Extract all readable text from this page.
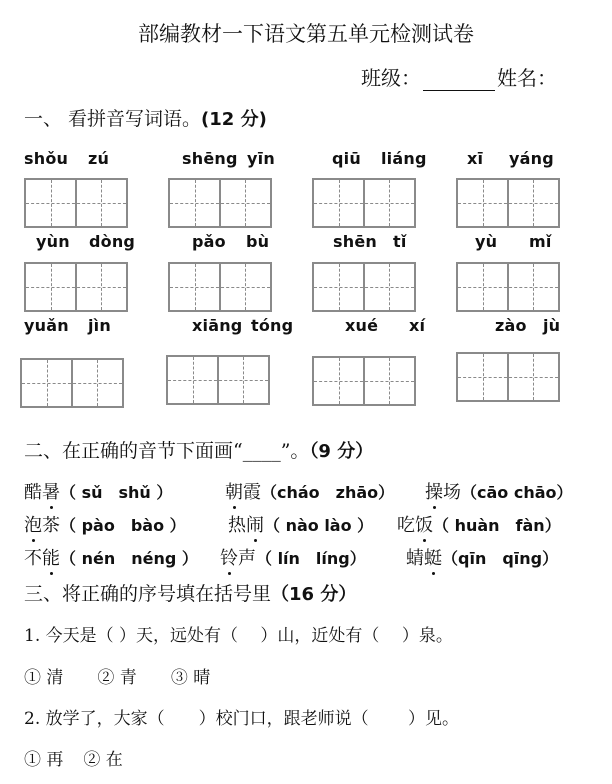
部编教材一下语文第五单元检测试卷
班级：	姓名：
一、 看拼音写词语。(12 分)
shǒu zú	shēng yīn	qiū liáng	xī yáng
yùn dòng	pǎo bù	shēn tǐ	yù mǐ
yuǎn jìn	xiāng tóng	xué xí	zào jù
二、在正确的音节下面画“____”。（9 分）
酷暑（ sǔ　shǔ ）	朝霞（cháo　zhāo） 操场（cāo chāo）
泡茶（ pào　bào ） 热闹（ nào lào ） 吃饭（ huàn　fàn）
不能（ nén　néng ） 铃声（ lín　líng） 蜻蜓（qīn　qīng）
三、将正确的序号填在括号里（16 分）
1. 今天是（ ）天，远处有（　 ）山，近处有（　 ）泉。
① 清 ② 青 ③ 晴
2. 放学了，大家（　　）校门口，跟老师说（　　 ）见。
① 再 ② 在
